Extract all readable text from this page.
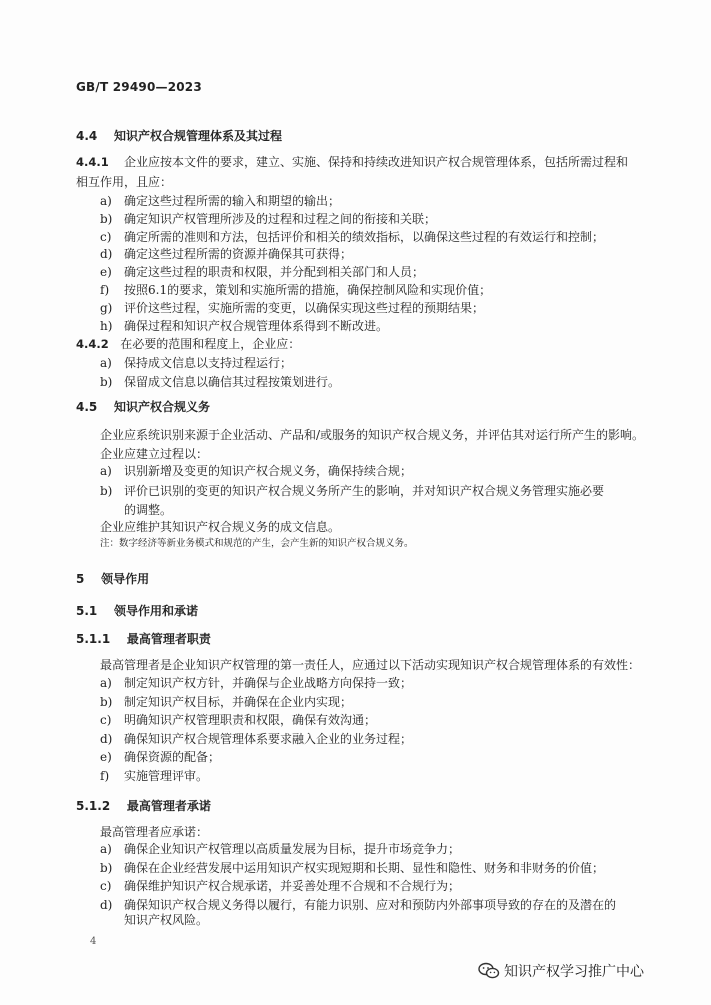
GB/T 29490—2023
4.4 知识产权合规管理体系及其过程
4.4.1 企业应按本文件的要求，建立、实施、保持和持续改进知识产权合规管理体系，包括所需过程和
相互作用，且应：
a) 确定这些过程所需的输入和期望的输出；
b) 确定知识产权管理所涉及的过程和过程之间的衔接和关联；
c) 确定所需的准则和方法，包括评价和相关的绩效指标，以确保这些过程的有效运行和控制；
d) 确定这些过程所需的资源并确保其可获得；
e) 确定这些过程的职责和权限，并分配到相关部门和人员；
f) 按照6.1的要求，策划和实施所需的措施，确保控制风险和实现价值；
g) 评价这些过程，实施所需的变更，以确保实现这些过程的预期结果；
h) 确保过程和知识产权合规管理体系得到不断改进。
4.4.2 在必要的范围和程度上，企业应：
a) 保持成文信息以支持过程运行；
b) 保留成文信息以确信其过程按策划进行。
4.5 知识产权合规义务
企业应系统识别来源于企业活动、产品和/或服务的知识产权合规义务，并评估其对运行所产生的影响。
企业应建立过程以：
a) 识别新增及变更的知识产权合规义务，确保持续合规；
b) 评价已识别的变更的知识产权合规义务所产生的影响，并对知识产权合规义务管理实施必要
的调整。
企业应维护其知识产权合规义务的成文信息。
注：数字经济等新业务模式和规范的产生，会产生新的知识产权合规义务。
5 领导作用
5.1 领导作用和承诺
5.1.1 最高管理者职责
最高管理者是企业知识产权管理的第一责任人，应通过以下活动实现知识产权合规管理体系的有效性：
a) 制定知识产权方针，并确保与企业战略方向保持一致；
b) 制定知识产权目标，并确保在企业内实现；
c) 明确知识产权管理职责和权限，确保有效沟通；
d) 确保知识产权合规管理体系要求融入企业的业务过程；
e) 确保资源的配备；
f) 实施管理评审。
5.1.2 最高管理者承诺
最高管理者应承诺：
a) 确保企业知识产权管理以高质量发展为目标，提升市场竞争力；
b) 确保在企业经营发展中运用知识产权实现短期和长期、显性和隐性、财务和非财务的价值；
c) 确保维护知识产权合规承诺，并妥善处理不合规和不合规行为；
d) 确保知识产权合规义务得以履行，有能力识别、应对和预防内外部事项导致的存在的及潜在的
知识产权风险。
4
知识产权学习推广中心
